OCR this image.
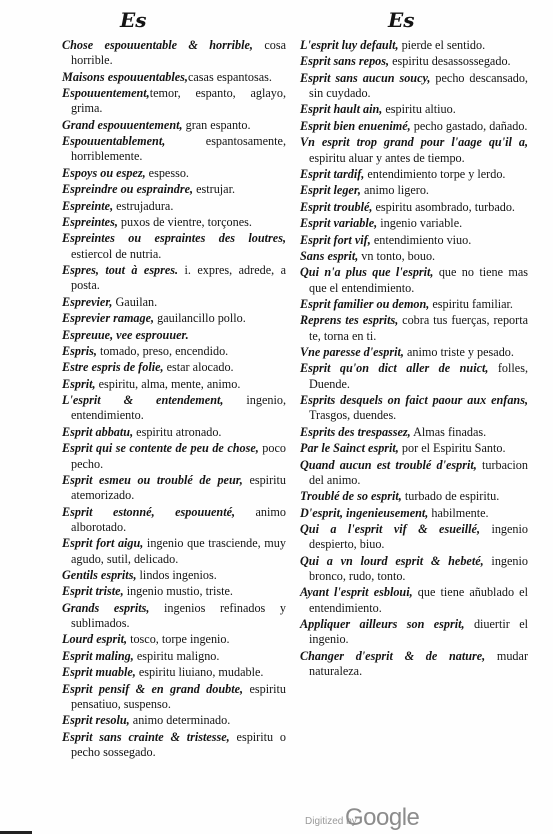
Es	Es

Chose espouuentable & horrible, cosa horrible.

Maisons espouuentables,casas espantosas.

Espouuentement,temor, espanto, aglayo, grima.

Grand espouuentement, gran espanto.

Espouuentablement, espantosamente, horriblemente.

Espoys ou espez, espesso.

Espreindre ou espraindre, estrujar.

Espreinte, estrujadura.

Espreintes, puxos de vientre, torçones.

Espreintes ou espraintes des loutres, estiercol de nutria.

Espres, tout à espres. i. expres, adrede, a posta.

Esprevier, Gauilan.

Esprevier ramage, gauilancillo pollo.

Espreuue, vee esprouuer.

Espris, tomado, preso, encendido.

Estre espris de folie, estar alocado.

Esprit, espiritu, alma, mente, animo.

L'esprit & entendement, ingenio, entendimiento.

Esprit abbatu, espiritu atronado.

Esprit qui se contente de peu de chose, poco pecho.

Esprit esmeu ou troublé de peur, espiritu atemorizado.

Esprit estonné, espouuenté, animo alborotado.

Esprit fort aigu, ingenio que trasciende, muy agudo, sutil, delicado.

Gentils esprits, lindos ingenios.

Esprit triste, ingenio mustio, triste.

Grands esprits, ingenios refinados y sublimados.

Lourd esprit, tosco, torpe ingenio.

Esprit maling, espiritu maligno.

Esprit muable, espiritu liuiano, mudable.

Esprit pensif & en grand doubte, espiritu pensatiuo, suspenso.

Esprit resolu, animo determinado.

Esprit sans crainte & tristesse, espiritu o pecho sossegado.

L'esprit luy default, pierde el sentido.

Esprit sans repos, espiritu desassossegado.

Esprit sans aucun soucy, pecho descansado, sin cuydado.

Esprit hault ain, espiritu altiuo.

Esprit bien enuenimé, pecho gastado, dañado.

Vn esprit trop grand pour l'aage qu'il a, espiritu aluar y antes de tiempo.

Esprit tardif, entendimiento torpe y lerdo.

Esprit leger, animo ligero.

Esprit troublé, espiritu asombrado, turbado.

Esprit variable, ingenio variable.

Esprit fort vif, entendimiento viuo.

Sans esprit, vn tonto, bouo.

Qui n'a plus que l'esprit, que no tiene mas que el entendimiento.

Esprit familier ou demon, espiritu familiar.

Reprens tes esprits, cobra tus fuerças, reporta te, torna en ti.

Vne paresse d'esprit, animo triste y pesado.

Esprit qu'on dict aller de nuict, folles, Duende.

Esprits desquels on faict paour aux enfans, Trasgos, duendes.

Esprits des trespassez, Almas finadas.

Par le Sainct esprit, por el Espiritu Santo.

Quand aucun est troublé d'esprit, turbacion del animo.

Troublé de so esprit, turbado de espiritu.

D'esprit, ingenieusement, habilmente.

Qui a l'esprit vif & esueillé, ingenio despierto, biuo.

Qui a vn lourd esprit & hebeté, ingenio bronco, rudo, tonto.

Ayant l'esprit esbloui, que tiene añublado el entendimiento.

Appliquer ailleurs son esprit, diuertir el ingenio.

Changer d'esprit & de nature, mudar naturaleza.

Digitized by
Google
